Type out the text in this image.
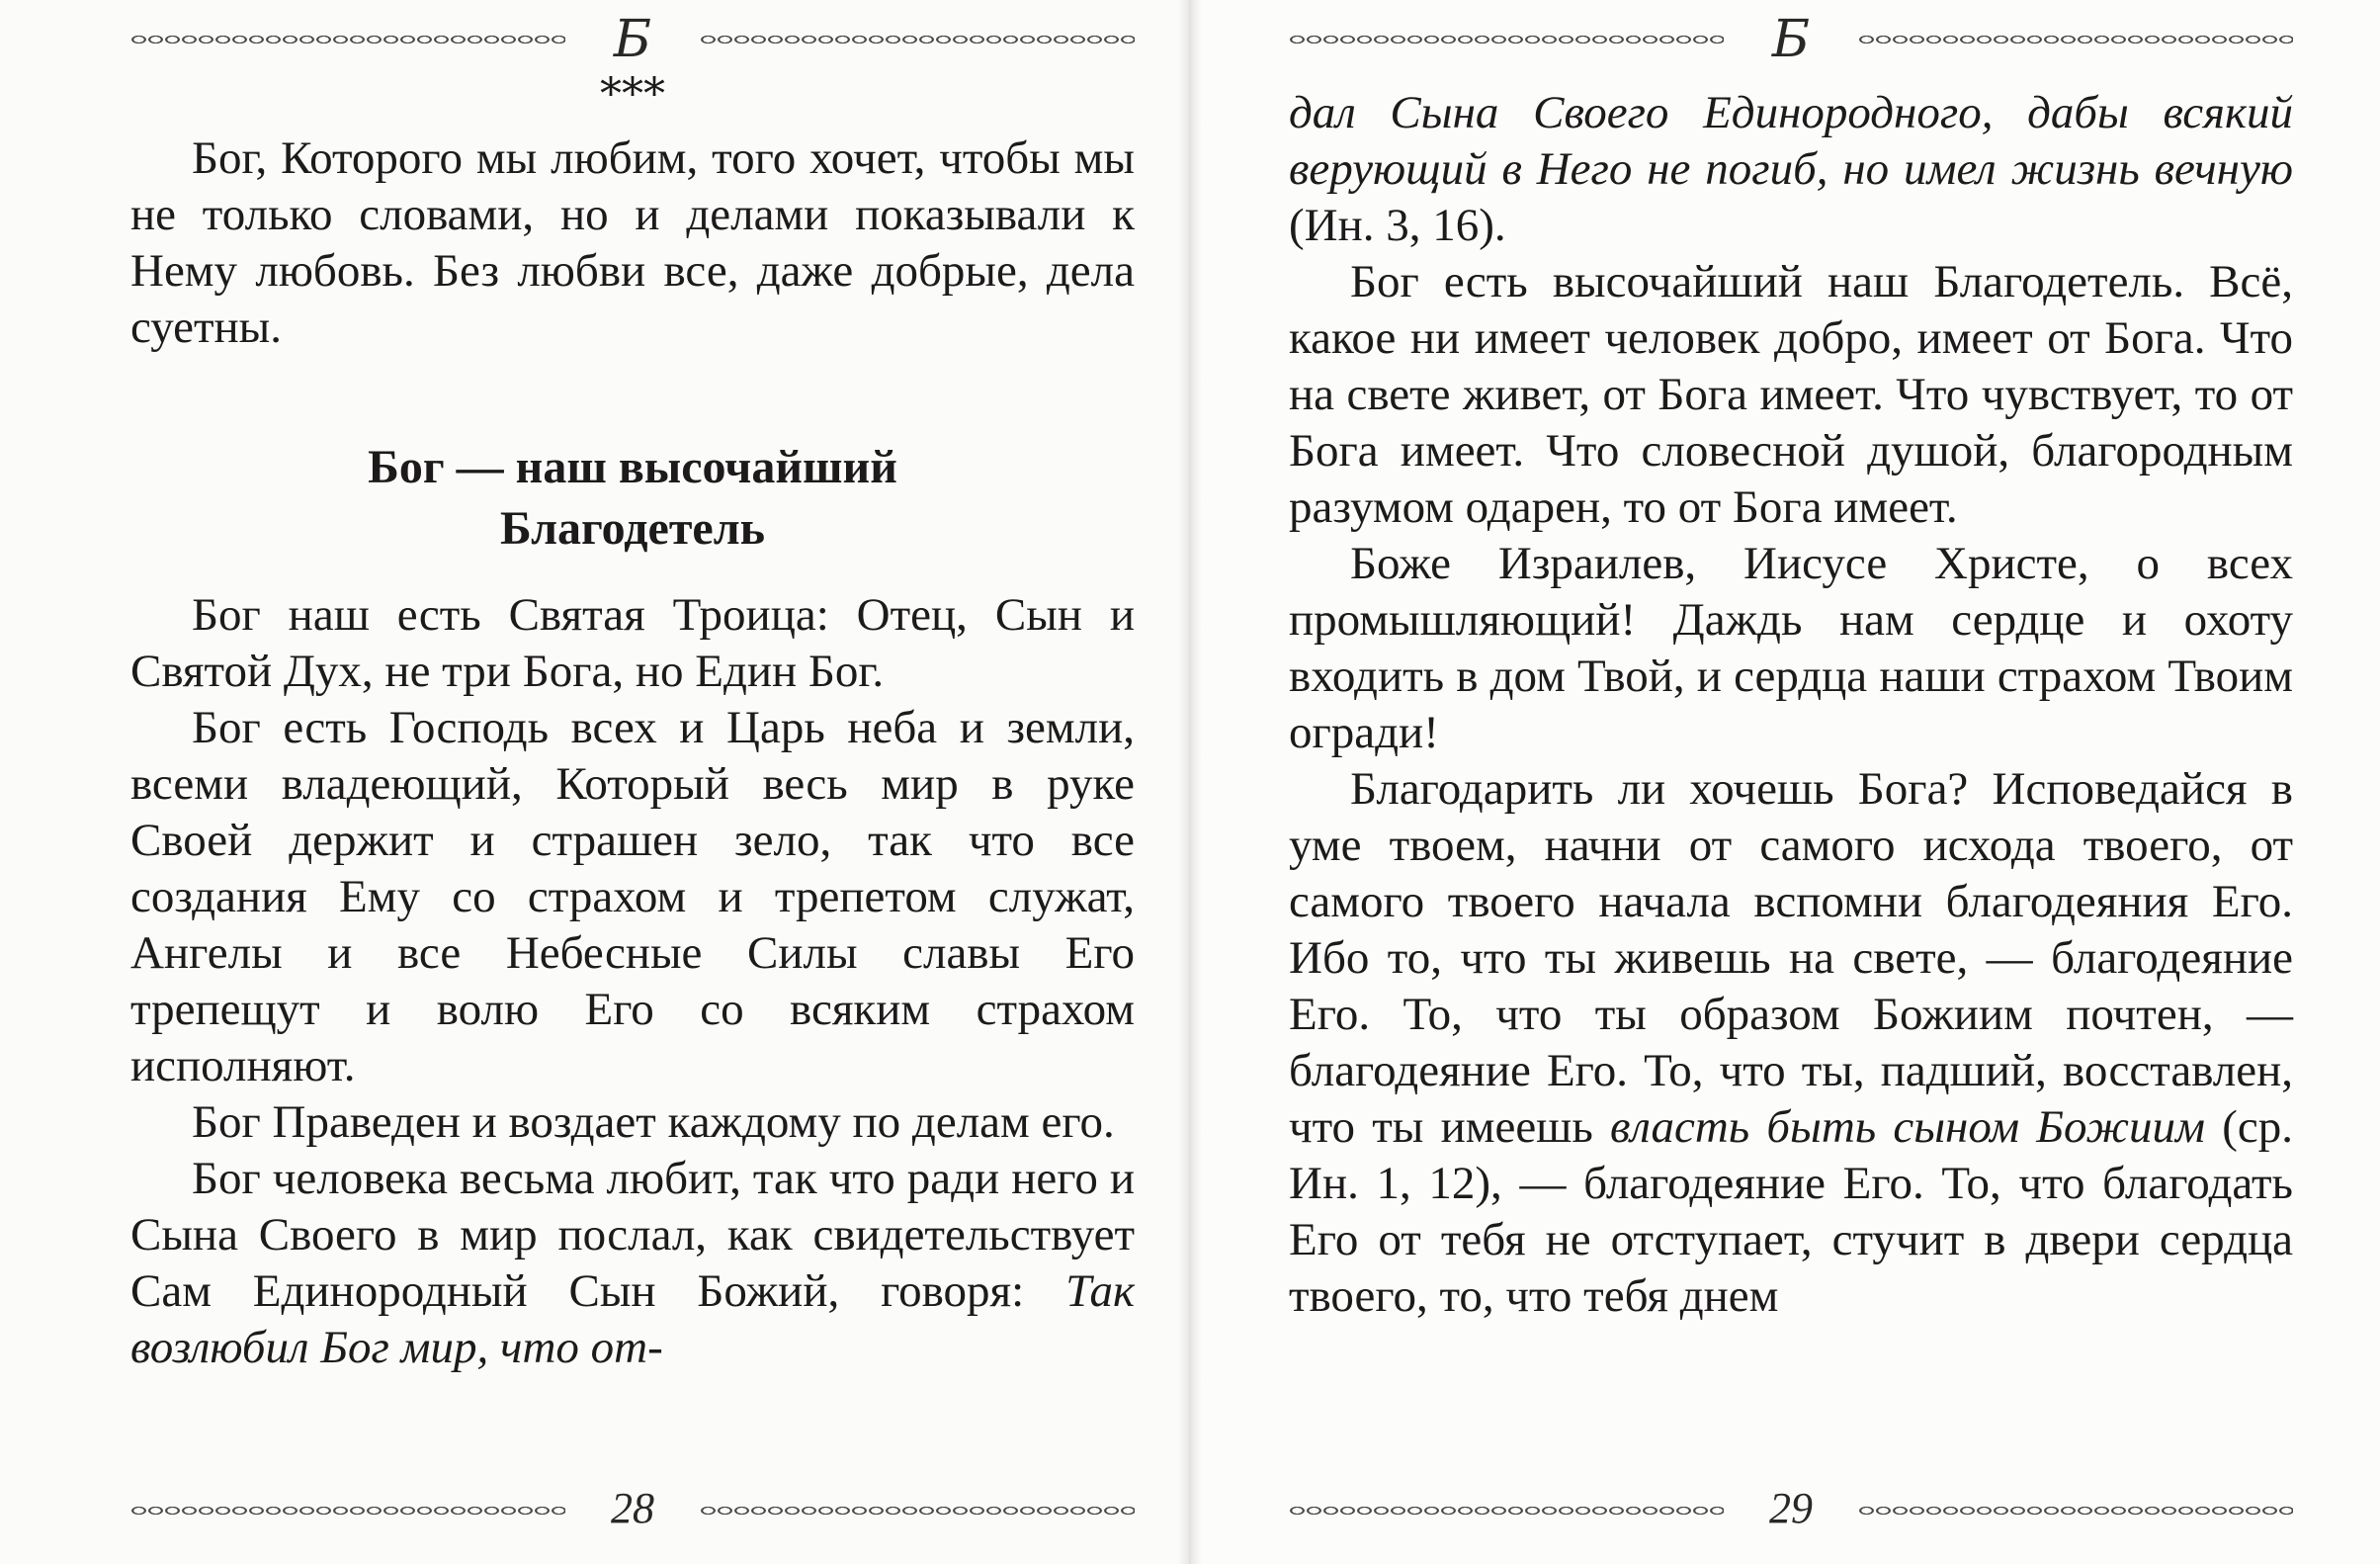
Б

***

Бог, Которого мы любим, того хочет, чтобы мы не только словами, но и делами показывали к Нему любовь. Без любви все, даже добрые, дела суетны.

Бог — наш высочайший
Благодетель

Бог наш есть Святая Троица: Отец, Сын и Святой Дух, не три Бога, но Един Бог.

Бог есть Господь всех и Царь неба и земли, всеми владеющий, Который весь мир в руке Своей держит и страшен зело, так что все создания Ему со страхом и трепетом служат, Ангелы и все Небесные Силы славы Его трепещут и волю Его со всяким страхом исполняют.

Бог Праведен и воздает каждому по делам его.

Бог человека весьма любит, так что ради него и Сына Своего в мир послал, как свидетельствует Сам Единородный Сын Божий, говоря: Так возлюбил Бог мир, что от-

28
Б

дал Сына Своего Единородного, дабы всякий верующий в Него не погиб, но имел жизнь вечную (Ин. 3, 16).

Бог есть высочайший наш Благодетель. Всё, какое ни имеет человек добро, имеет от Бога. Что на свете живет, от Бога имеет. Что чувствует, то от Бога имеет. Что словесной душой, благородным разумом одарен, то от Бога имеет.

Боже Израилев, Иисусе Христе, о всех промышляющий! Даждь нам сердце и охоту входить в дом Твой, и сердца наши страхом Твоим огради!

Благодарить ли хочешь Бога? Исповедайся в уме твоем, начни от самого исхода твоего, от самого твоего начала вспомни благодеяния Его. Ибо то, что ты живешь на свете, — благодеяние Его. То, что ты образом Божиим почтен, — благодеяние Его. То, что ты, падший, восставлен, что ты имеешь власть быть сыном Божиим (ср. Ин. 1, 12), — благодеяние Его. То, что благодать Его от тебя не отступает, стучит в двери сердца твоего, то, что тебя днем

29
